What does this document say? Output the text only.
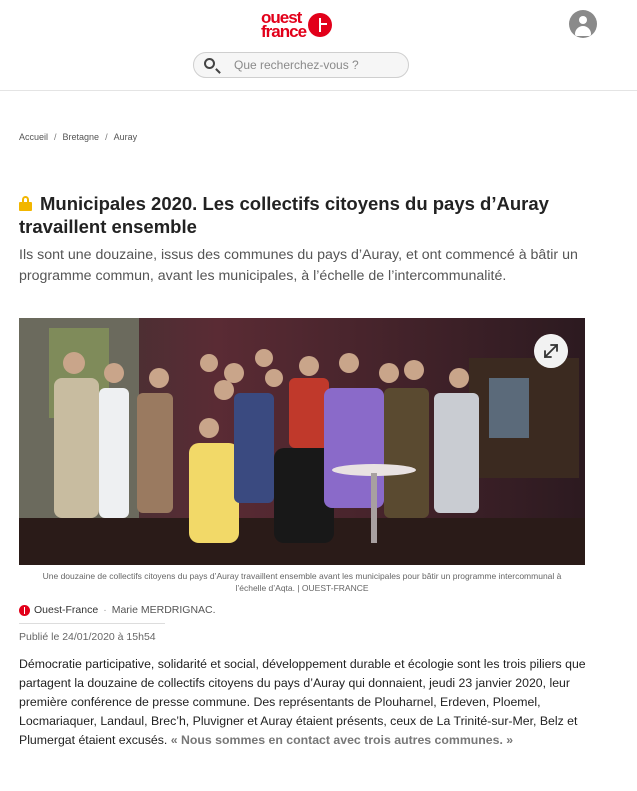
ouest
france
Que recherchez-vous ?
Accueil / Bretagne / Auray
Municipales 2020. Les collectifs citoyens du pays d’Auray travaillent ensemble

Ils sont une douzaine, issus des communes du pays d’Auray, et ont commencé à bâtir un programme commun, avant les municipales, à l’échelle de l’intercommunalité.

Une douzaine de collectifs citoyens du pays d’Auray travaillent ensemble avant les municipales pour bâtir un programme intercommunal à l’échelle d’Aqta. | OUEST-FRANCE
Ouest-France · Marie MERDRIGNAC.
Publié le 24/01/2020 à 15h54

Démocratie participative, solidarité et social, développement durable et écologie sont les trois piliers que partagent la douzaine de collectifs citoyens du pays d’Auray qui donnaient, jeudi 23 janvier 2020, leur première conférence de presse commune. Des représentants de Plouharnel, Erdeven, Ploemel, Locmariaquer, Landaul, Brec’h, Pluvigner et Auray étaient présents, ceux de La Trinité-sur-Mer, Belz et Plumergat étaient excusés. « Nous sommes en contact avec trois autres communes. »
